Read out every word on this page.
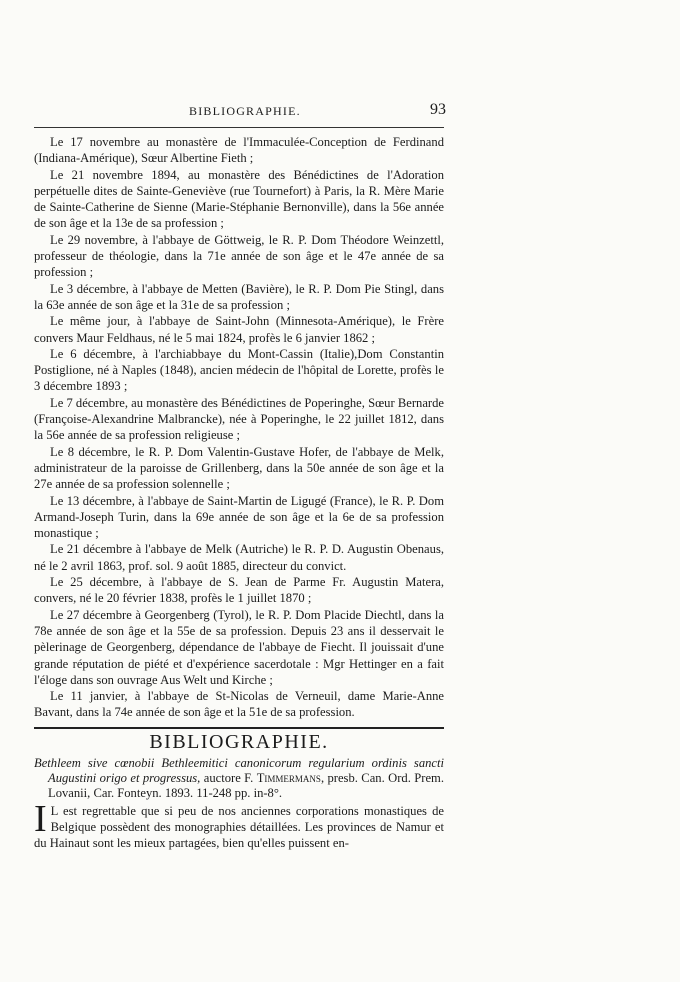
BIBLIOGRAPHIE.	93

Le 17 novembre au monastère de l'Immaculée-Conception de Ferdinand (Indiana-Amérique), Sœur Albertine Fieth ;

Le 21 novembre 1894, au monastère des Bénédictines de l'Adoration perpétuelle dites de Sainte-Geneviève (rue Tournefort) à Paris, la R. Mère Marie de Sainte-Catherine de Sienne (Marie-Stéphanie Bernonville), dans la 56e année de son âge et la 13e de sa profession ;

Le 29 novembre, à l'abbaye de Göttweig, le R. P. Dom Théodore Weinzettl, professeur de théologie, dans la 71e année de son âge et le 47e année de sa profession ;

Le 3 décembre, à l'abbaye de Metten (Bavière), le R. P. Dom Pie Stingl, dans la 63e année de son âge et la 31e de sa profession ;

Le même jour, à l'abbaye de Saint-John (Minnesota-Amérique), le Frère convers Maur Feldhaus, né le 5 mai 1824, profès le 6 janvier 1862 ;

Le 6 décembre, à l'archiabbaye du Mont-Cassin (Italie),Dom Constantin Postiglione, né à Naples (1848), ancien médecin de l'hôpital de Lorette, profès le 3 décembre 1893 ;

Le 7 décembre, au monastère des Bénédictines de Poperinghe, Sœur Bernarde (Françoise-Alexandrine Malbrancke), née à Poperinghe, le 22 juillet 1812, dans la 56e année de sa profession religieuse ;

Le 8 décembre, le R. P. Dom Valentin-Gustave Hofer, de l'abbaye de Melk, administrateur de la paroisse de Grillenberg, dans la 50e année de son âge et la 27e année de sa profession solennelle ;

Le 13 décembre, à l'abbaye de Saint-Martin de Ligugé (France), le R. P. Dom Armand-Joseph Turin, dans la 69e année de son âge et la 6e de sa profession monastique ;

Le 21 décembre à l'abbaye de Melk (Autriche) le R. P. D. Augustin Obenaus, né le 2 avril 1863, prof. sol. 9 août 1885, directeur du convict.

Le 25 décembre, à l'abbaye de S. Jean de Parme Fr. Augustin Matera, convers, né le 20 février 1838, profès le 1 juillet 1870 ;

Le 27 décembre à Georgenberg (Tyrol), le R. P. Dom Placide Diechtl, dans la 78e année de son âge et la 55e de sa profession. Depuis 23 ans il desservait le pèlerinage de Georgenberg, dépendance de l'abbaye de Fiecht. Il jouissait d'une grande réputation de piété et d'expérience sacerdotale : Mgr Hettinger en a fait l'éloge dans son ouvrage Aus Welt und Kirche ;

Le 11 janvier, à l'abbaye de St-Nicolas de Verneuil, dame Marie-Anne Bavant, dans la 74e année de son âge et la 51e de sa profession.

BIBLIOGRAPHIE.

Bethleem sive cœnobii Bethleemitici canonicorum regularium ordinis sancti Augustini origo et progressus, auctore F. Timmermans, presb. Can. Ord. Prem. Lovanii, Car. Fonteyn. 1893. 11-248 pp. in-8°.

I L est regrettable que si peu de nos anciennes corporations monastiques de Belgique possèdent des monographies détaillées. Les provinces de Namur et du Hainaut sont les mieux partagées, bien qu'elles puissent en-
